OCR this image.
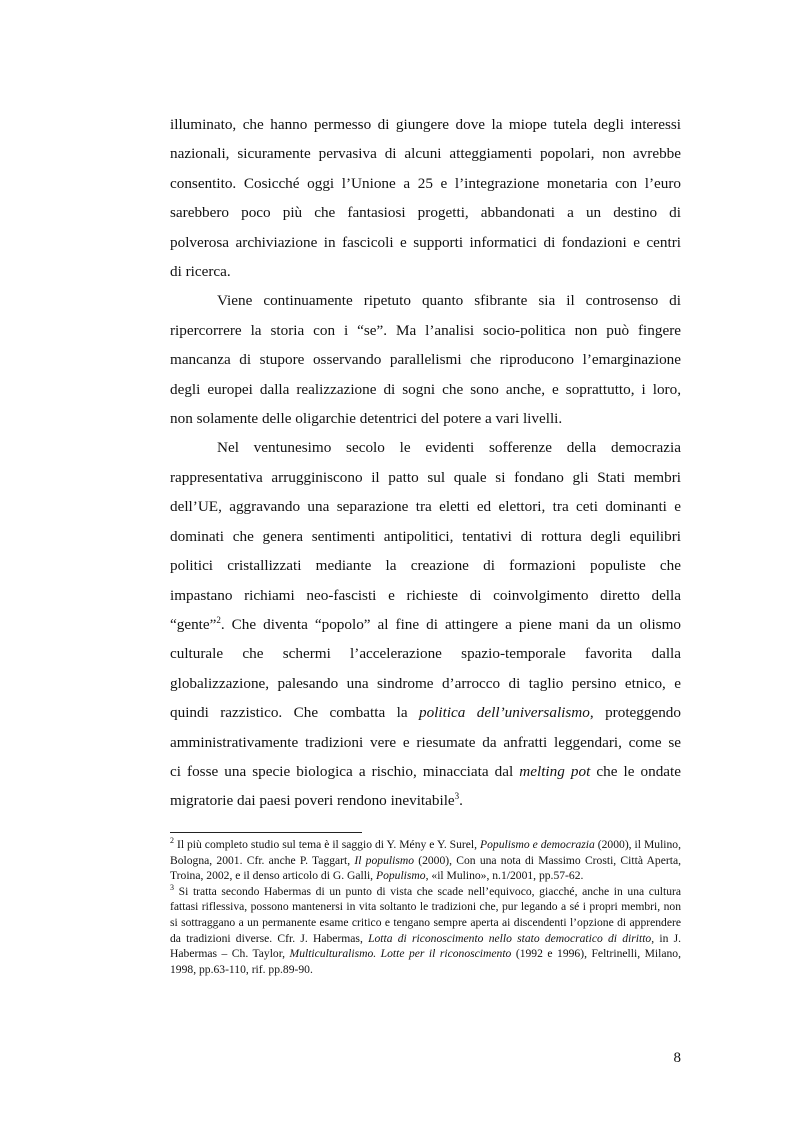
illuminato, che hanno permesso di giungere dove la miope tutela degli interessi
nazionali, sicuramente pervasiva di alcuni atteggiamenti popolari, non avrebbe
consentito. Cosicché oggi l’Unione a 25 e l’integrazione monetaria con l’euro
sarebbero poco più che fantasiosi progetti, abbandonati a un destino di
polverosa archiviazione in fascicoli e supporti informatici di fondazioni e centri
di ricerca.

Viene continuamente ripetuto quanto sfibrante sia il controsenso di
ripercorrere la storia con i “se”. Ma l’analisi socio-politica non può fingere
mancanza di stupore osservando parallelismi che riproducono l’emarginazione
degli europei dalla realizzazione di sogni che sono anche, e soprattutto, i loro,
non solamente delle oligarchie detentrici del potere a vari livelli.

Nel ventunesimo secolo le evidenti sofferenze della democrazia
rappresentativa arrugginiscono il patto sul quale si fondano gli Stati membri
dell’UE, aggravando una separazione tra eletti ed elettori, tra ceti dominanti e
dominati che genera sentimenti antipolitici, tentativi di rottura degli equilibri
politici cristallizzati mediante la creazione di formazioni populiste che
impastano richiami neo-fascisti e richieste di coinvolgimento diretto della
“gente”$^2$. Che diventa “popolo” al fine di attingere a piene mani da un olismo
culturale che schermi l’accelerazione spazio-temporale favorita dalla
globalizzazione, palesando una sindrome d’arrocco di taglio persino etnico, e
quindi razzistico. Che combatta la politica dell’universalismo, proteggendo
amministrativamente tradizioni vere e riesumate da anfratti leggendari, come se
ci fosse una specie biologica a rischio, minacciata dal melting pot che le ondate
migratorie dai paesi poveri rendono inevitabile$^3$.

$^2$ Il più completo studio sul tema è il saggio di Y. Mény e Y. Surel, Populismo e democrazia (2000), il Mulino, Bologna, 2001. Cfr. anche P. Taggart, Il populismo (2000), Con una nota di Massimo Crosti, Città Aperta, Troina, 2002, e il denso articolo di G. Galli, Populismo, «il Mulino», n.1/2001, pp.57-62.

$^3$ Si tratta secondo Habermas di un punto di vista che scade nell’equivoco, giacché, anche in una cultura fattasi riflessiva, possono mantenersi in vita soltanto le tradizioni che, pur legando a sé i propri membri, non si sottraggano a un permanente esame critico e tengano sempre aperta ai discendenti l’opzione di apprendere da tradizioni diverse. Cfr. J. Habermas, Lotta di riconoscimento nello stato democratico di diritto, in J. Habermas – Ch. Taylor, Multiculturalismo. Lotte per il riconoscimento (1992 e 1996), Feltrinelli, Milano, 1998, pp.63-110, rif. pp.89-90.

8
